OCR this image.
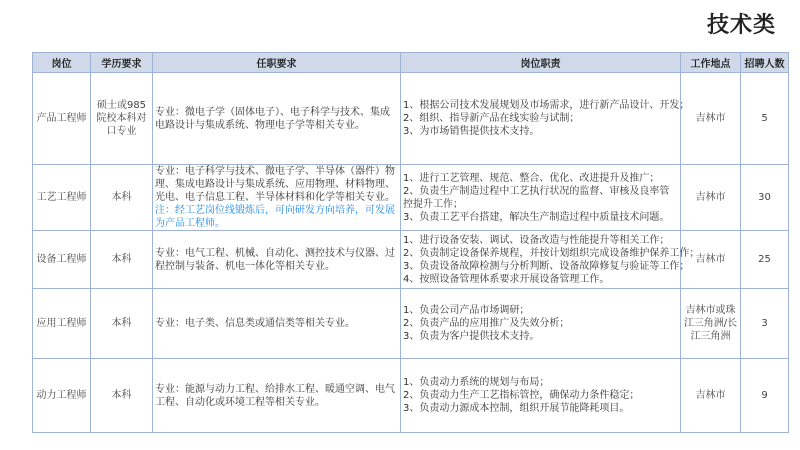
技术类
岗位	学历要求	任职要求	岗位职责	工作地点	招聘人数
产品工程师	硕士或985院校本科对口专业	专业：微电子学（固体电子）、电子科学与技术、集成电路设计与集成系统、物理电子学等相关专业。	1、根据公司技术发展规划及市场需求，进行新产品设计、开发；
2、组织、指导新产品在线实验与试制；
3、为市场销售提供技术支持。	吉林市	5
工艺工程师	本科	专业：电子科学与技术、微电子学、半导体（器件）物理、集成电路设计与集成系统、应用物理、材料物理、光电、电子信息工程、半导体材料和化学等相关专业。
注：经工艺岗位线锻炼后，可向研发方向培养，可发展为产品工程师。	1、进行工艺管理、规范、整合、优化、改进提升及推广；
2、负责生产制造过程中工艺执行状况的监督、审核及良率管控提升工作；
3、负责工艺平台搭建，解决生产制造过程中质量技术问题。	吉林市	30
设备工程师	本科	专业：电气工程、机械、自动化、测控技术与仪器、过程控制与装备、机电一体化等相关专业。	1、进行设备安装、调试、设备改造与性能提升等相关工作；
2、负责制定设备保养规程，并按计划组织完成设备维护保养工作；
3、负责设备故障检测与分析判断、设备故障修复与验证等工作；
4、按照设备管理体系要求开展设备管理工作。	吉林市	25
应用工程师	本科	专业：电子类、信息类或通信类等相关专业。	1、负责公司产品市场调研；
2、负责产品的应用推广及失效分析；
3、负责为客户提供技术支持。	吉林市或珠江三角洲/长江三角洲	3
动力工程师	本科	专业：能源与动力工程、给排水工程、暖通空调、电气工程、自动化或环境工程等相关专业。	1、负责动力系统的规划与布局；
2、负责动力生产工艺指标管控，确保动力条件稳定；
3、负责动力源成本控制，组织开展节能降耗项目。	吉林市	9
